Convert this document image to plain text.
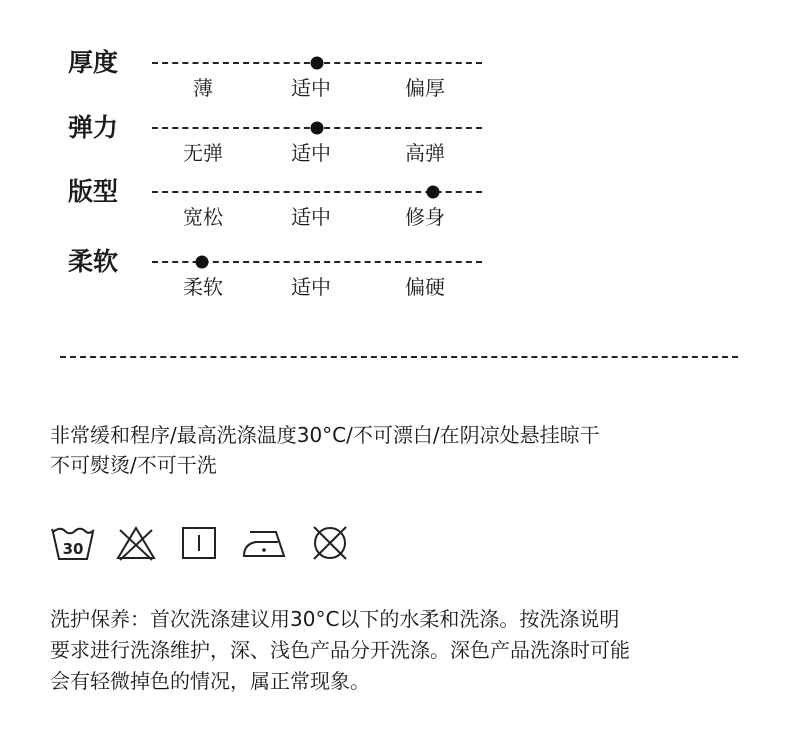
厚度
薄	适中	偏厚
弹力
无弹	适中	高弹
版型
宽松	适中	修身
柔软
柔软	适中	偏硬
非常缓和程序/最高洗涤温度30°C/不可漂白/在阴凉处悬挂晾干
不可熨烫/不可干洗
30
洗护保养：首次洗涤建议用30°C以下的水柔和洗涤。按洗涤说明
要求进行洗涤维护，深、浅色产品分开洗涤。深色产品洗涤时可能
会有轻微掉色的情况，属正常现象。
